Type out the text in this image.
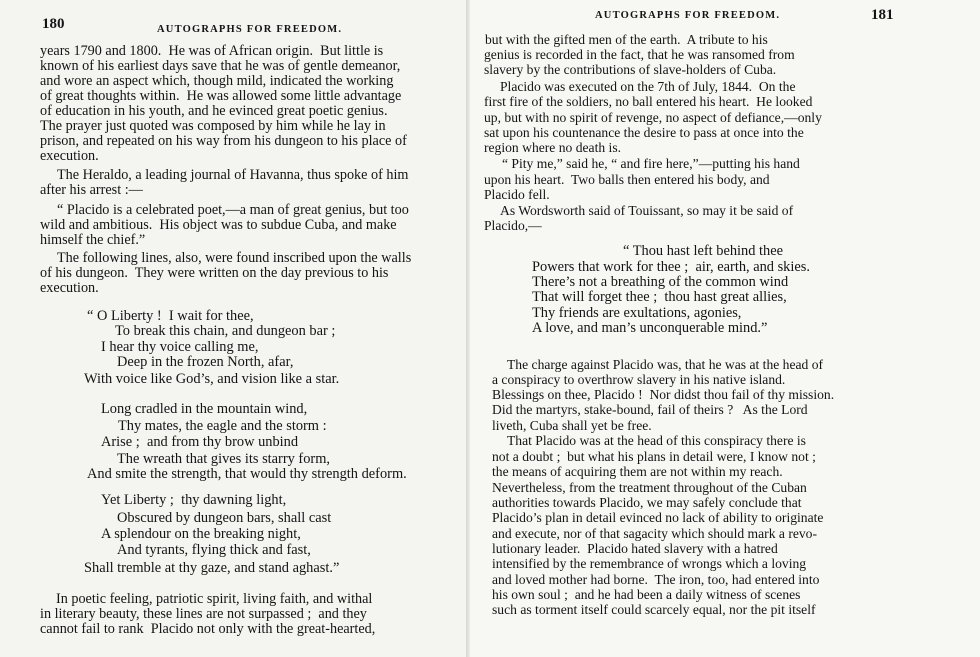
180	AUTOGRAPHS FOR FREEDOM.
years 1790 and 1800.  He was of African origin.  But little is
known of his earliest days save that he was of gentle demeanor,
and wore an aspect which, though mild, indicated the working
of great thoughts within.  He was allowed some little advantage
of education in his youth, and he evinced great poetic genius.
The prayer just quoted was composed by him while he lay in
prison, and repeated on his way from his dungeon to his place of
execution.
The Heraldo, a leading journal of Havanna, thus spoke of him
after his arrest :—
“ Placido is a celebrated poet,—a man of great genius, but too
wild and ambitious.  His object was to subdue Cuba, and make
himself the chief.”
The following lines, also, were found inscribed upon the walls
of his dungeon.  They were written on the day previous to his
execution.
“ O Liberty !  I wait for thee,
To break this chain, and dungeon bar ;
I hear thy voice calling me,
Deep in the frozen North, afar,
With voice like God’s, and vision like a star.
Long cradled in the mountain wind,
Thy mates, the eagle and the storm :
Arise ;  and from thy brow unbind
The wreath that gives its starry form,
And smite the strength, that would thy strength deform.
Yet Liberty ;  thy dawning light,
Obscured by dungeon bars, shall cast
A splendour on the breaking night,
And tyrants, flying thick and fast,
Shall tremble at thy gaze, and stand aghast.”
In poetic feeling, patriotic spirit, living faith, and withal
in literary beauty, these lines are not surpassed ;  and they
cannot fail to rank  Placido not only with the great-hearted,
AUTOGRAPHS FOR FREEDOM.	181
but with the gifted men of the earth.  A tribute to his
genius is recorded in the fact, that he was ransomed from
slavery by the contributions of slave-holders of Cuba.
Placido was executed on the 7th of July, 1844.  On the
first fire of the soldiers, no ball entered his heart.  He looked
up, but with no spirit of revenge, no aspect of defiance,—only
sat upon his countenance the desire to pass at once into the
region where no death is.
“ Pity me,” said he, “ and fire here,”—putting his hand
upon his heart.  Two balls then entered his body, and
Placido fell.
As Wordsworth said of Touissant, so may it be said of
Placido,—
“ Thou hast left behind thee
Powers that work for thee ;  air, earth, and skies.
There’s not a breathing of the common wind
That will forget thee ;  thou hast great allies,
Thy friends are exultations, agonies,
A love, and man’s unconquerable mind.”
The charge against Placido was, that he was at the head of
a conspiracy to overthrow slavery in his native island.
Blessings on thee, Placido !  Nor didst thou fail of thy mission.
Did the martyrs, stake-bound, fail of theirs ?   As the Lord
liveth, Cuba shall yet be free.
That Placido was at the head of this conspiracy there is
not a doubt ;  but what his plans in detail were, I know not ;
the means of acquiring them are not within my reach.
Nevertheless, from the treatment throughout of the Cuban
authorities towards Placido, we may safely conclude that
Placido’s plan in detail evinced no lack of ability to originate
and execute, nor of that sagacity which should mark a revo-
lutionary leader.  Placido hated slavery with a hatred
intensified by the remembrance of wrongs which a loving
and loved mother had borne.  The iron, too, had entered into
his own soul ;  and he had been a daily witness of scenes
such as torment itself could scarcely equal, nor the pit itself
